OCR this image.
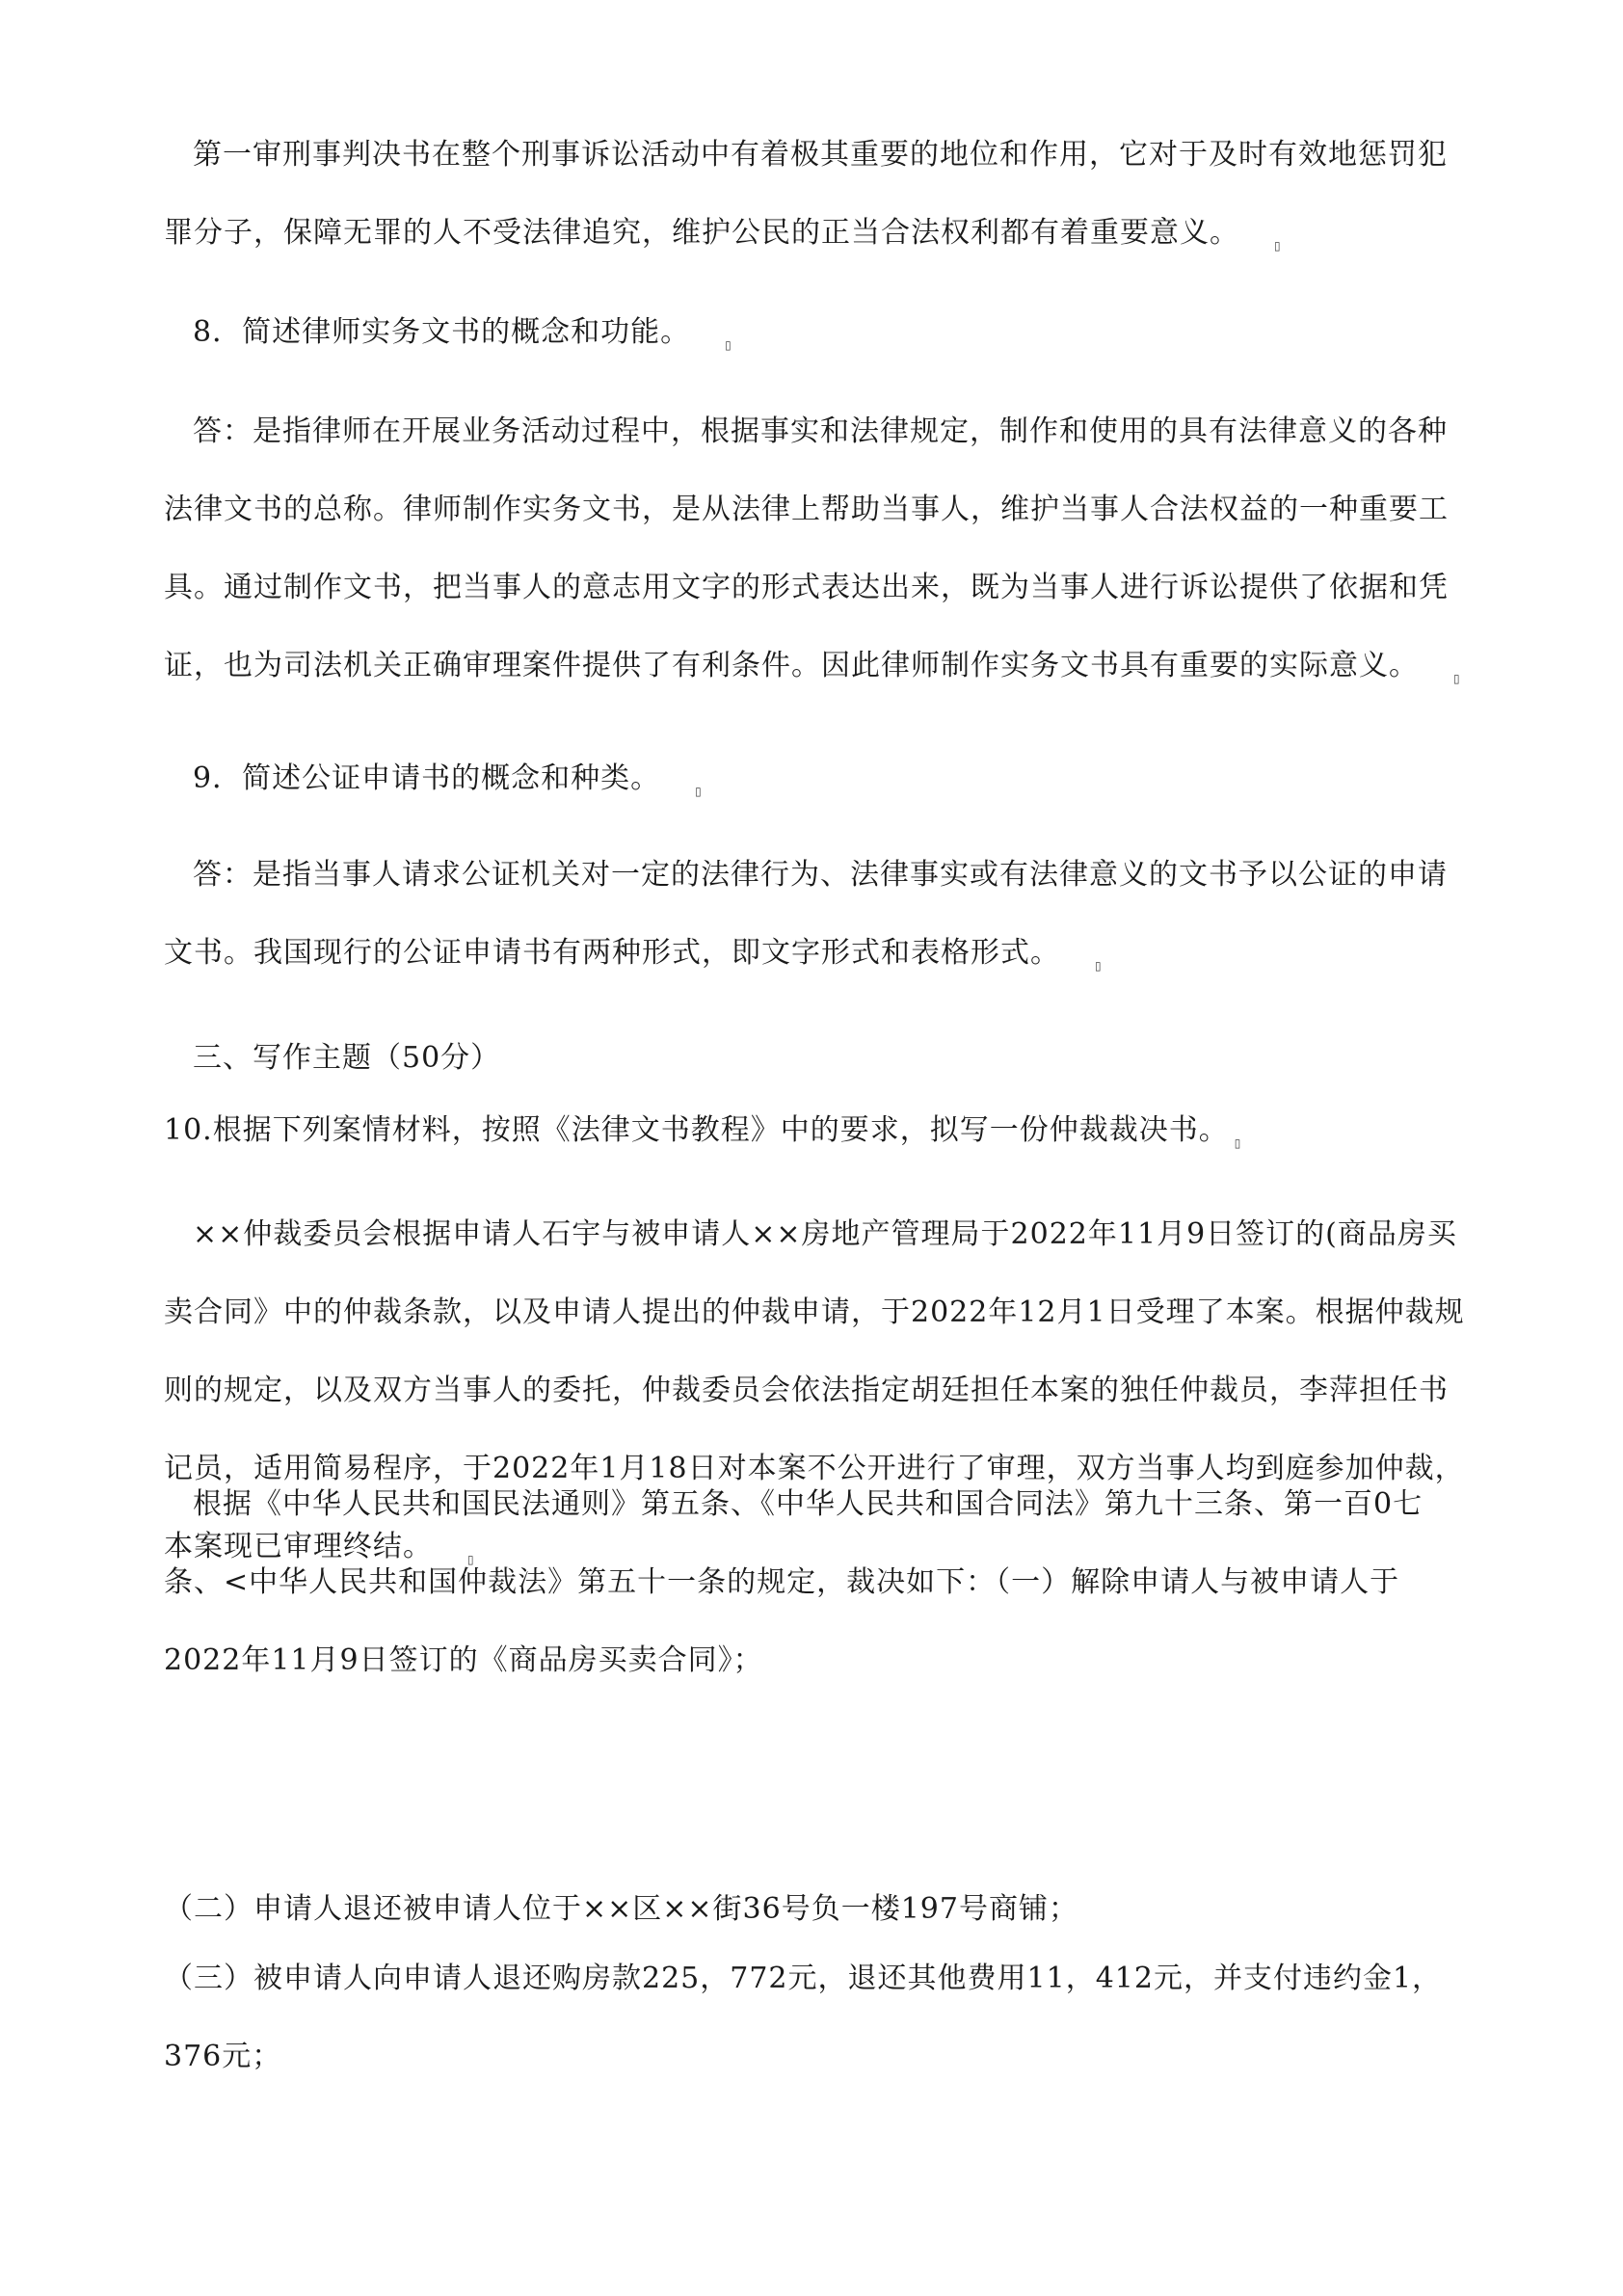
第一审刑事判决书在整个刑事诉讼活动中有着极其重要的地位和作用，它对于及时有效地惩罚犯罪分子，保障无罪的人不受法律追究，维护公民的正当合法权利都有着重要意义。	▯

8．简述律师实务文书的概念和功能。	▯

答：是指律师在开展业务活动过程中，根据事实和法律规定，制作和使用的具有法律意义的各种法律文书的总称。律师制作实务文书，是从法律上帮助当事人，维护当事人合法权益的一种重要工具。通过制作文书，把当事人的意志用文字的形式表达出来，既为当事人进行诉讼提供了依据和凭证，也为司法机关正确审理案件提供了有利条件。因此律师制作实务文书具有重要的实际意义。	▯

9．简述公证申请书的概念和种类。	▯

答：是指当事人请求公证机关对一定的法律行为、法律事实或有法律意义的文书予以公证的申请文书。我国现行的公证申请书有两种形式，即文字形式和表格形式。	▯

三、写作主题（50分）

10.根据下列案情材料，按照《法律文书教程》中的要求，拟写一份仲裁裁决书。 ▯

××仲裁委员会根据申请人石宇与被申请人××房地产管理局于2022年11月9日签订的(商品房买卖合同》中的仲裁条款，以及申请人提出的仲裁申请，于2022年12月1日受理了本案。根据仲裁规则的规定，以及双方当事人的委托，仲裁委员会依法指定胡廷担任本案的独任仲裁员，李萍担任书记员，适用简易程序，于2022年1月18日对本案不公开进行了审理，双方当事人均到庭参加仲裁，本案现已审理终结。	▯

根据《中华人民共和国民法通则》第五条、《中华人民共和国合同法》第九十三条、第一百0七条、<中华人民共和国仲裁法》第五十一条的规定，裁决如下：（一）解除申请人与被申请人于2022年11月9日签订的《商品房买卖合同》；

（二）申请人退还被申请人位于××区××街36号负一楼197号商铺；

（三）被申请人向申请人退还购房款225，772元，退还其他费用11，412元，并支付违约金1，376元；
